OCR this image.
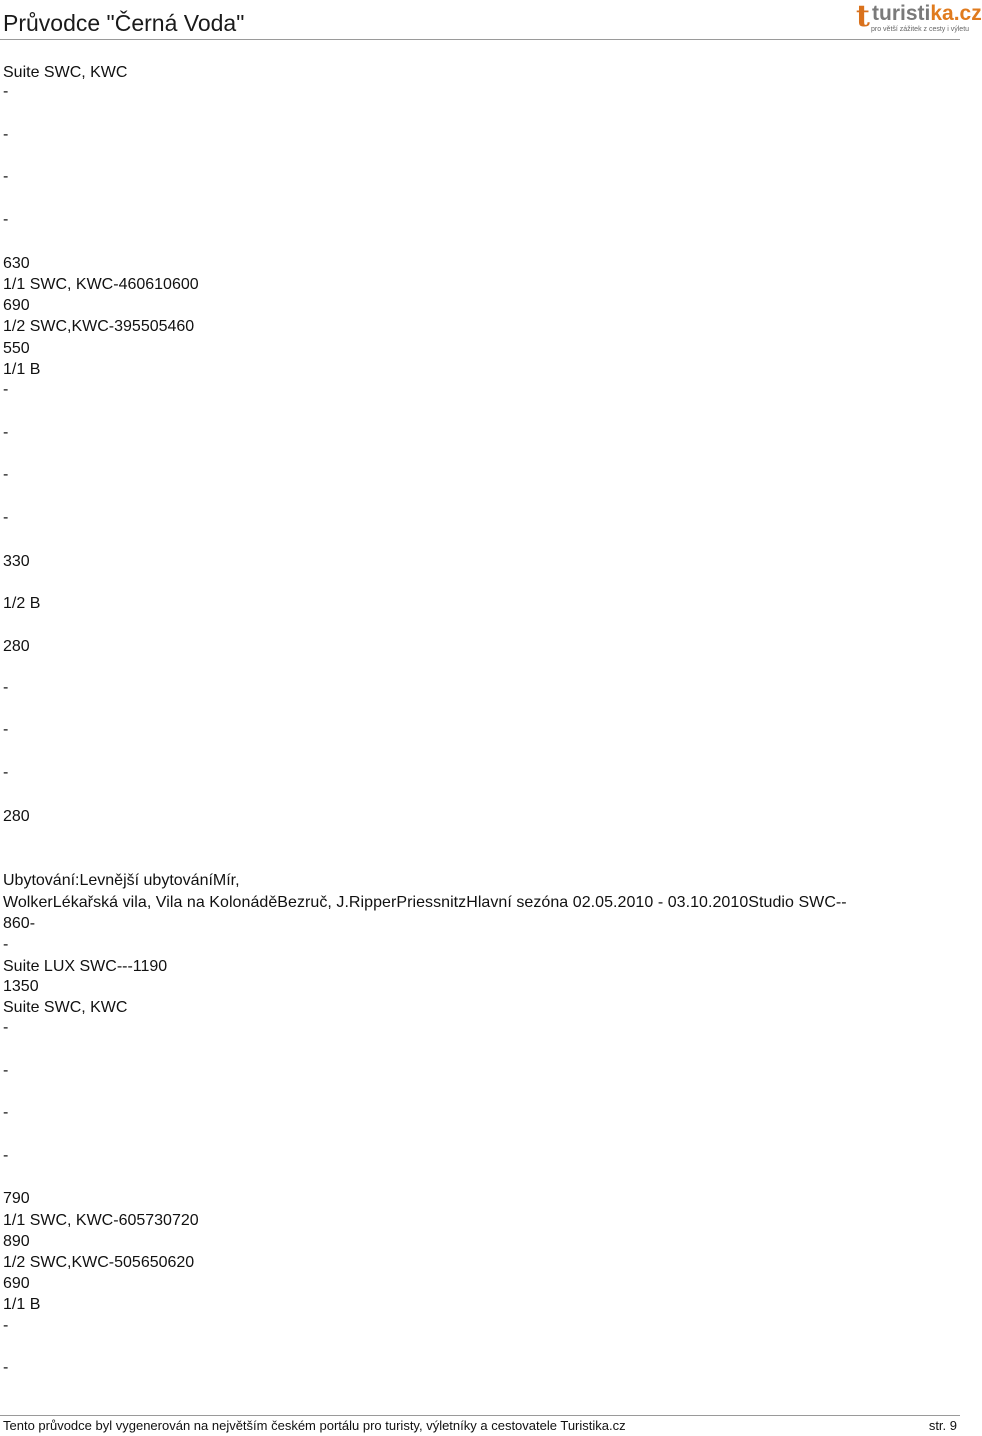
Průvodce "Černá Voda"	t turistika.cz
pro větší zážitek z cesty i výletu
Suite SWC, KWC
-
-
-
-
630
1/1 SWC, KWC-460610600
690
1/2 SWC,KWC-395505460
550
1/1 B
-
-
-
-
330
1/2 B
280
-
-
-
280
Ubytování:Levnější ubytováníMír,
WolkerLékařská vila, Vila na KolonáděBezruč, J.RipperPriessnitzHlavní sezóna 02.05.2010 - 03.10.2010Studio SWC--
860-
-
Suite LUX SWC---1190
1350
Suite SWC, KWC
-
-
-
-
790
1/1 SWC, KWC-605730720
890
1/2 SWC,KWC-505650620
690
1/1 B
-
-
Tento průvodce byl vygenerován na největším českém portálu pro turisty, výletníky a cestovatele Turistika.cz	str. 9
